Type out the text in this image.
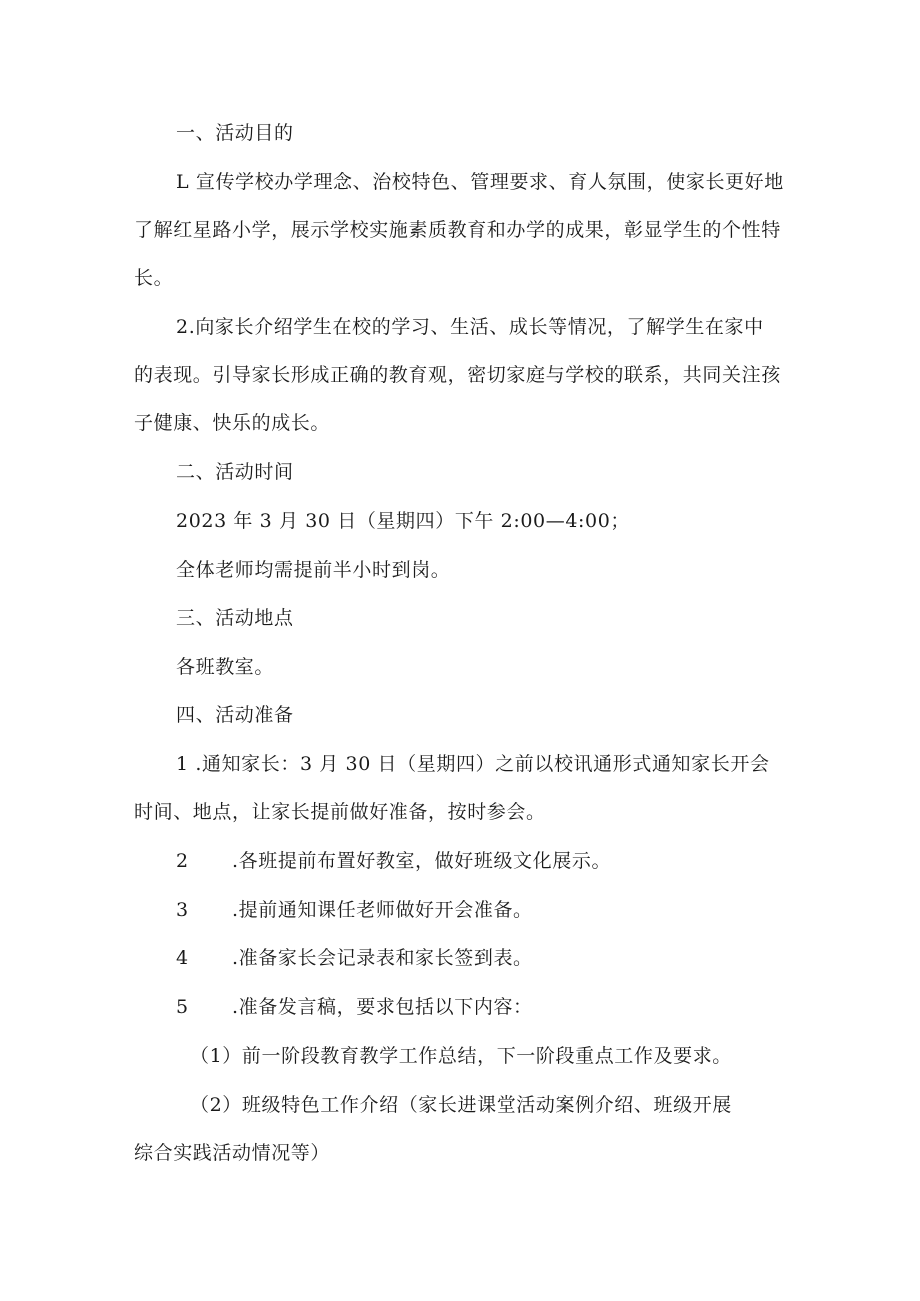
一、活动目的
L 宣传学校办学理念、治校特色、管理要求、育人氛围，使家长更好地
了解红星路小学，展示学校实施素质教育和办学的成果，彰显学生的个性特
长。
2.向家长介绍学生在校的学习、生活、成长等情况，了解学生在家中
的表现。引导家长形成正确的教育观，密切家庭与学校的联系，共同关注孩
子健康、快乐的成长。
二、活动时间
2023 年 3 月 30 日（星期四）下午 2:00—4:00；
全体老师均需提前半小时到岗。
三、活动地点
各班教室。
四、活动准备
1 .通知家长：3 月 30 日（星期四）之前以校讯通形式通知家长开会
时间、地点，让家长提前做好准备，按时参会。
2 .各班提前布置好教室，做好班级文化展示。
3 .提前通知课任老师做好开会准备。
4 .准备家长会记录表和家长签到表。
5 .准备发言稿，要求包括以下内容：
（1）前一阶段教育教学工作总结，下一阶段重点工作及要求。
（2）班级特色工作介绍（家长进课堂活动案例介绍、班级开展
综合实践活动情况等）
